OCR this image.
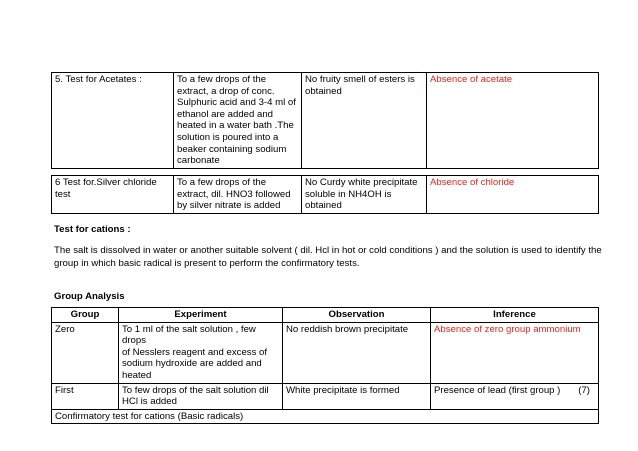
5. Test for Acetates :	To a few drops of the
extract, a drop of conc.
Sulphuric acid and 3-4 ml of
ethanol are added and
heated in a water bath .The
solution is poured into a
beaker containing sodium
carbonate	No fruity smell of esters is
obtained	Absence of acetate
6 Test for.Silver chloride test	To a few drops of the
extract, dil. HNO3 followed
by silver nitrate is added	No Curdy white precipitate
soluble in NH4OH is
obtained	Absence of chloride

Test for cations :

The salt is dissolved in water or another suitable solvent ( dil. Hcl in hot or cold conditions ) and the solution is used to identify the group in which basic radical is present to perform the confirmatory tests.

Group Analysis

Group	Experiment	Observation	Inference
Zero	To 1 ml of the salt solution , few drops
of Nesslers reagent and excess of
sodium hydroxide are added and
heated	No reddish brown precipitate	Absence of zero group ammonium
First	To few drops of the salt solution dil
HCl is added	White precipitate is formed	Presence of lead (first group ) (7)

Confirmatory test for cations (Basic radicals)			
